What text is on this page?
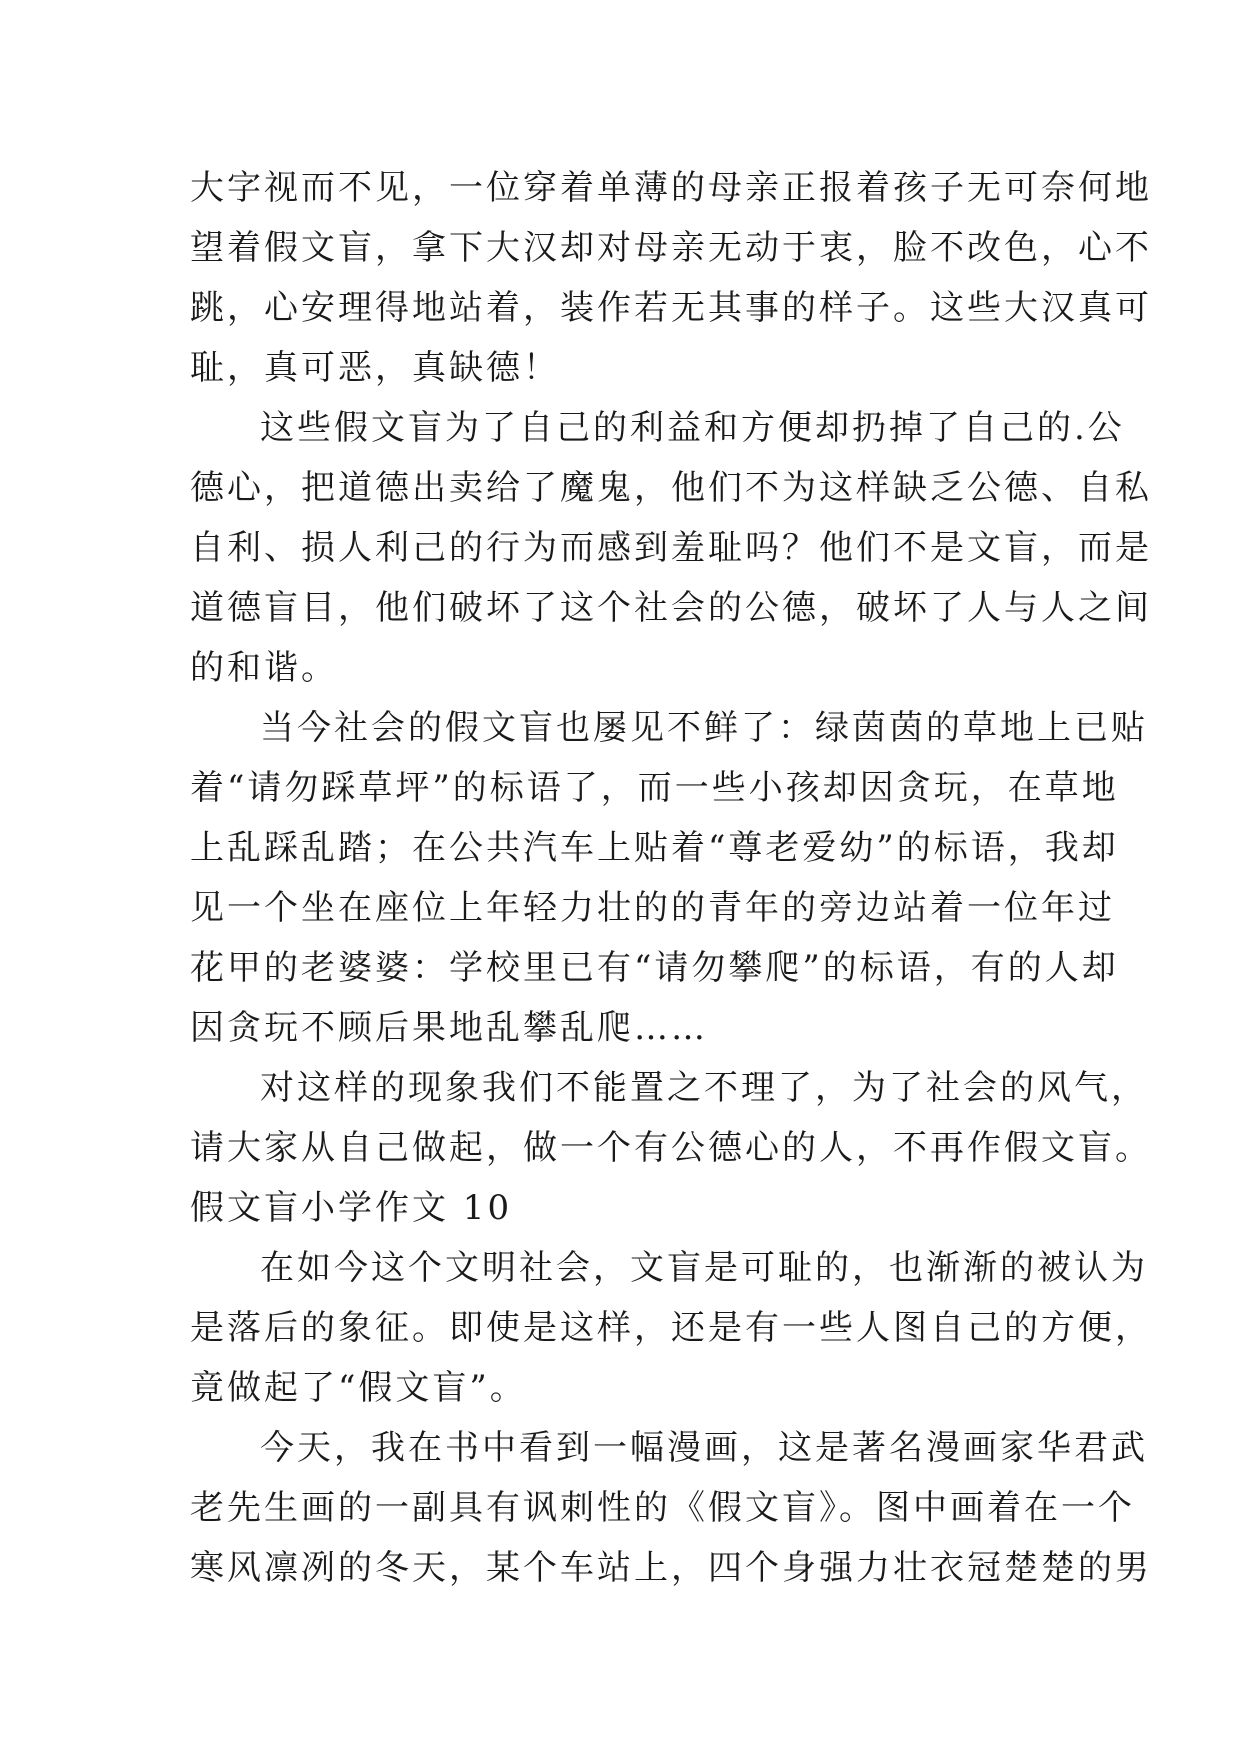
大字视而不见，一位穿着单薄的母亲正报着孩子无可奈何地
望着假文盲，拿下大汉却对母亲无动于衷，脸不改色，心不
跳，心安理得地站着，装作若无其事的样子。这些大汉真可
耻，真可恶，真缺德！
这些假文盲为了自己的利益和方便却扔掉了自己的.公
德心，把道德出卖给了魔鬼，他们不为这样缺乏公德、自私
自利、损人利己的行为而感到羞耻吗？他们不是文盲，而是
道德盲目，他们破坏了这个社会的公德，破坏了人与人之间
的和谐。
当今社会的假文盲也屡见不鲜了：绿茵茵的草地上已贴
着“请勿踩草坪”的标语了，而一些小孩却因贪玩，在草地
上乱踩乱踏；在公共汽车上贴着“尊老爱幼”的标语，我却
见一个坐在座位上年轻力壮的的青年的旁边站着一位年过
花甲的老婆婆：学校里已有“请勿攀爬”的标语，有的人却
因贪玩不顾后果地乱攀乱爬……
对这样的现象我们不能置之不理了，为了社会的风气，
请大家从自己做起，做一个有公德心的人，不再作假文盲。
假文盲小学作文 10
在如今这个文明社会，文盲是可耻的，也渐渐的被认为
是落后的象征。即使是这样，还是有一些人图自己的方便，
竟做起了“假文盲”。
今天，我在书中看到一幅漫画，这是著名漫画家华君武
老先生画的一副具有讽刺性的《假文盲》。图中画着在一个
寒风凛冽的冬天，某个车站上，四个身强力壮衣冠楚楚的男
